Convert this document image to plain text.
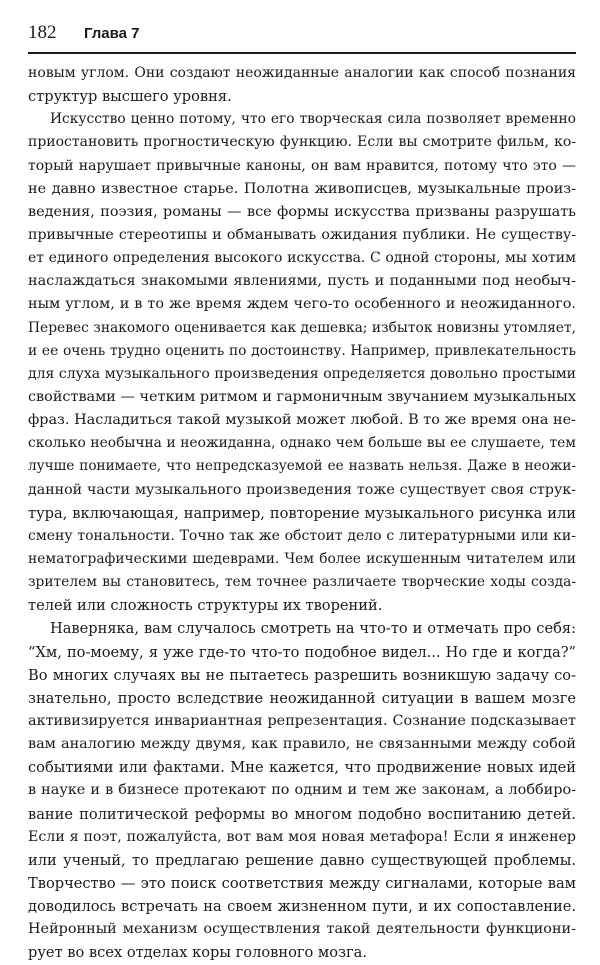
182 Глава 7
новым углом. Они создают неожиданные аналогии как способ познания
структур высшего уровня.
Искусство ценно потому, что его творческая сила позволяет временно
приостановить прогностическую функцию. Если вы смотрите фильм, ко-
торый нарушает привычные каноны, он вам нравится, потому что это —
не давно известное старье. Полотна живописцев, музыкальные произ-
ведения, поэзия, романы — все формы искусства призваны разрушать
привычные стереотипы и обманывать ожидания публики. Не существу-
ет единого определения высокого искусства. С одной стороны, мы хотим
наслаждаться знакомыми явлениями, пусть и поданными под необыч-
ным углом, и в то же время ждем чего-то особенного и неожиданного.
Перевес знакомого оценивается как дешевка; избыток новизны утомляет,
и ее очень трудно оценить по достоинству. Например, привлекательность
для слуха музыкального произведения определяется довольно простыми
свойствами — четким ритмом и гармоничным звучанием музыкальных
фраз. Насладиться такой музыкой может любой. В то же время она не-
сколько необычна и неожиданна, однако чем больше вы ее слушаете, тем
лучше понимаете, что непредсказуемой ее назвать нельзя. Даже в неожи-
данной части музыкального произведения тоже существует своя струк-
тура, включающая, например, повторение музыкального рисунка или
смену тональности. Точно так же обстоит дело с литературными или ки-
нематографическими шедеврами. Чем более искушенным читателем или
зрителем вы становитесь, тем точнее различаете творческие ходы созда-
телей или сложность структуры их творений.
Наверняка, вам случалось смотреть на что-то и отмечать про себя:
“Хм, по-моему, я уже где-то что-то подобное видел... Но где и когда?”
Во многих случаях вы не пытаетесь разрешить возникшую задачу со-
знательно, просто вследствие неожиданной ситуации в вашем мозге
активизируется инвариантная репрезентация. Сознание подсказывает
вам аналогию между двумя, как правило, не связанными между собой
событиями или фактами. Мне кажется, что продвижение новых идей
в науке и в бизнесе протекают по одним и тем же законам, а лоббиро-
вание политической реформы во многом подобно воспитанию детей.
Если я поэт, пожалуйста, вот вам моя новая метафора! Если я инженер
или ученый, то предлагаю решение давно существующей проблемы.
Творчество — это поиск соответствия между сигналами, которые вам
доводилось встречать на своем жизненном пути, и их сопоставление.
Нейронный механизм осуществления такой деятельности функциони-
рует во всех отделах коры головного мозга.
